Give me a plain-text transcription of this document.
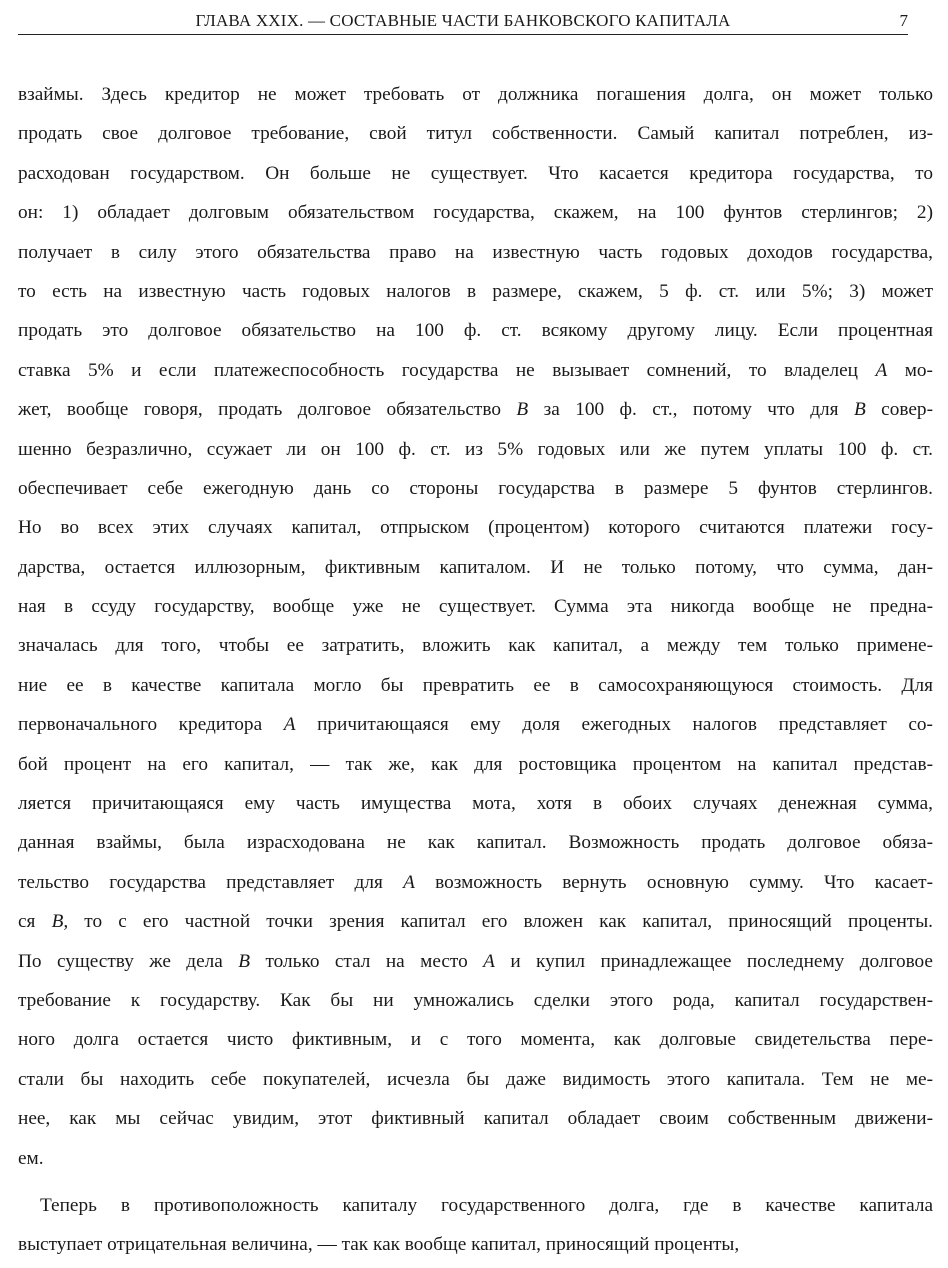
ГЛАВА XXIX. — СОСТАВНЫЕ ЧАСТИ БАНКОВСКОГО КАПИТАЛА	7
взаймы. Здесь кредитор не может требовать от должника погашения долга, он может только
продать свое долговое требование, свой титул собственности. Самый капитал потреблен, из-
расходован государством. Он больше не существует. Что касается кредитора государства, то
он: 1) обладает долговым обязательством государства, скажем, на 100 фунтов стерлингов; 2)
получает в силу этого обязательства право на известную часть годовых доходов государства,
то есть на известную часть годовых налогов в размере, скажем, 5 ф. ст. или 5%; 3) может
продать это долговое обязательство на 100 ф. ст. всякому другому лицу. Если процентная
ставка 5% и если платежеспособность государства не вызывает сомнений, то владелец A мо-
жет, вообще говоря, продать долговое обязательство B за 100 ф. ст., потому что для B совер-
шенно безразлично, ссужает ли он 100 ф. ст. из 5% годовых или же путем уплаты 100 ф. ст.
обеспечивает себе ежегодную дань со стороны государства в размере 5 фунтов стерлингов.
Но во всех этих случаях капитал, отпрыском (процентом) которого считаются платежи госу-
дарства, остается иллюзорным, фиктивным капиталом. И не только потому, что сумма, дан-
ная в ссуду государству, вообще уже не существует. Сумма эта никогда вообще не предна-
значалась для того, чтобы ее затратить, вложить как капитал, а между тем только примене-
ние ее в качестве капитала могло бы превратить ее в самосохраняющуюся стоимость. Для
первоначального кредитора A причитающаяся ему доля ежегодных налогов представляет со-
бой процент на его капитал, — так же, как для ростовщика процентом на капитал представ-
ляется причитающаяся ему часть имущества мота, хотя в обоих случаях денежная сумма,
данная взаймы, была израсходована не как капитал. Возможность продать долговое обяза-
тельство государства представляет для A возможность вернуть основную сумму. Что касает-
ся B, то с его частной точки зрения капитал его вложен как капитал, приносящий проценты.
По существу же дела B только стал на место A и купил принадлежащее последнему долговое
требование к государству. Как бы ни умножались сделки этого рода, капитал государствен-
ного долга остается чисто фиктивным, и с того момента, как долговые свидетельства пере-
стали бы находить себе покупателей, исчезла бы даже видимость этого капитала. Тем не ме-
нее, как мы сейчас увидим, этот фиктивный капитал обладает своим собственным движени-
ем.
Теперь в противоположность капиталу государственного долга, где в качестве капитала
выступает отрицательная величина, — так как вообще капитал, приносящий проценты,
